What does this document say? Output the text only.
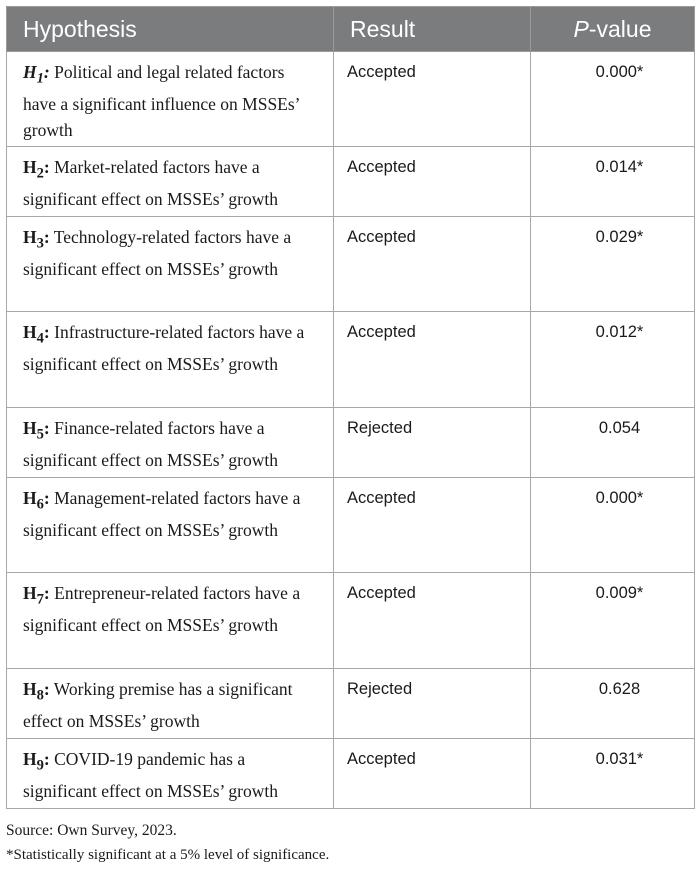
Hypothesis	Result	P-value
$H_1$: Political and legal related factors have a significant influence on MSSEs’ growth	Accepted	0.000*
$H_2$: Market-related factors have a significant effect on MSSEs’ growth	Accepted	0.014*
$H_3$: Technology-related factors have a significant effect on MSSEs’ growth	Accepted	0.029*
$H_4$: Infrastructure-related factors have a significant effect on MSSEs’ growth	Accepted	0.012*
$H_5$: Finance-related factors have a significant effect on MSSEs’ growth	Rejected	0.054
$H_6$: Management-related factors have a significant effect on MSSEs’ growth	Accepted	0.000*
$H_7$: Entrepreneur-related factors have a significant effect on MSSEs’ growth	Accepted	0.009*
$H_8$: Working premise has a significant effect on MSSEs’ growth	Rejected	0.628
$H_9$: COVID-19 pandemic has a significant effect on MSSEs’ growth	Accepted	0.031*
Source: Own Survey, 2023.
*Statistically significant at a 5% level of significance.
